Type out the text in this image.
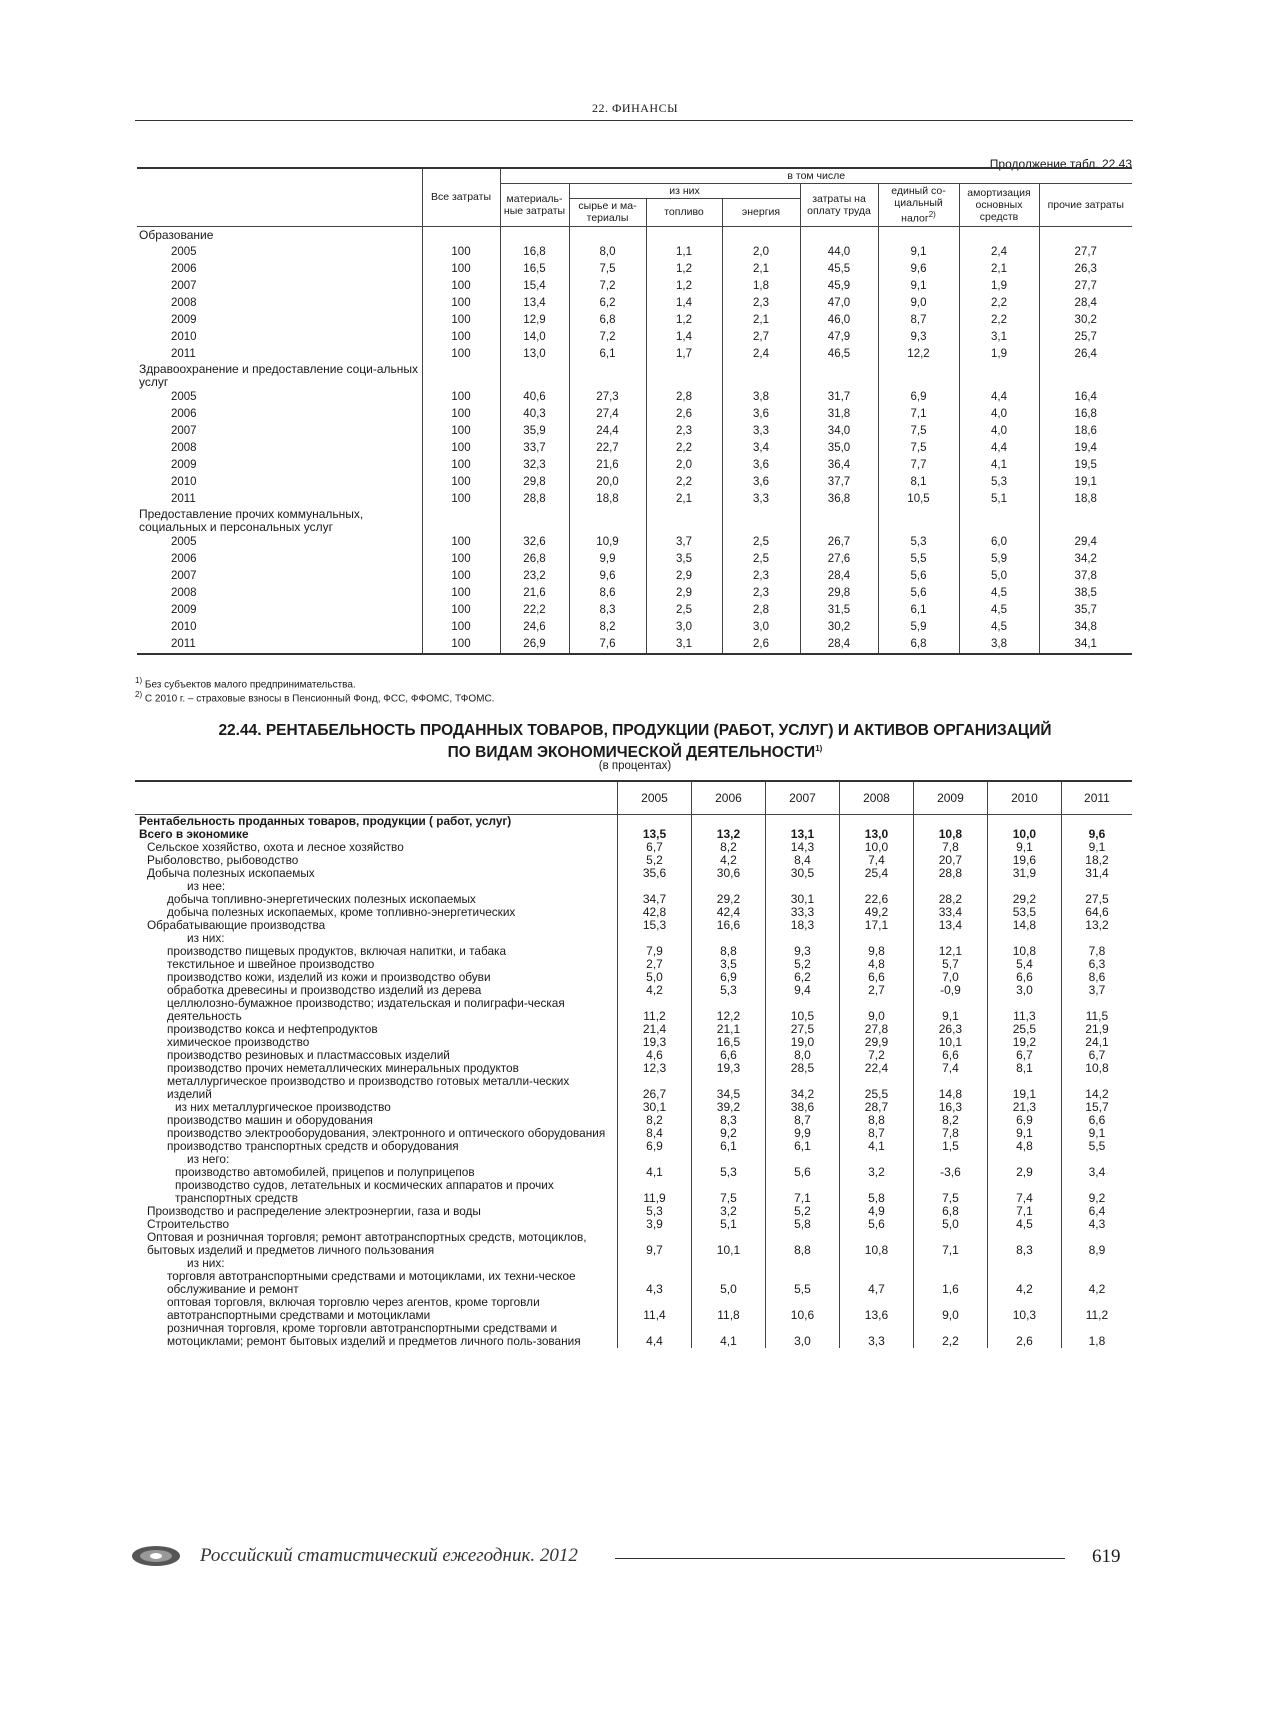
22. ФИНАНСЫ
Продолжение табл. 22.43
	Все затраты	в том числе							
		материаль-ные затраты	из них			затраты на оплату труда	единый со-циальный налог$^{2)}$	амортизация основных средств	прочие затраты
			сырье и ма-териалы	топливо	энергия				
Образование									
2005	100	16,8	8,0	1,1	2,0	44,0	9,1	2,4	27,7
2006	100	16,5	7,5	1,2	2,1	45,5	9,6	2,1	26,3
2007	100	15,4	7,2	1,2	1,8	45,9	9,1	1,9	27,7
2008	100	13,4	6,2	1,4	2,3	47,0	9,0	2,2	28,4
2009	100	12,9	6,8	1,2	2,1	46,0	8,7	2,2	30,2
2010	100	14,0	7,2	1,4	2,7	47,9	9,3	3,1	25,7
2011	100	13,0	6,1	1,7	2,4	46,5	12,2	1,9	26,4
Здравоохранение и предоставление соци-альных услуг									
2005	100	40,6	27,3	2,8	3,8	31,7	6,9	4,4	16,4
2006	100	40,3	27,4	2,6	3,6	31,8	7,1	4,0	16,8
2007	100	35,9	24,4	2,3	3,3	34,0	7,5	4,0	18,6
2008	100	33,7	22,7	2,2	3,4	35,0	7,5	4,4	19,4
2009	100	32,3	21,6	2,0	3,6	36,4	7,7	4,1	19,5
2010	100	29,8	20,0	2,2	3,6	37,7	8,1	5,3	19,1
2011	100	28,8	18,8	2,1	3,3	36,8	10,5	5,1	18,8
Предоставление прочих коммунальных, социальных и персональных услуг									
2005	100	32,6	10,9	3,7	2,5	26,7	5,3	6,0	29,4
2006	100	26,8	9,9	3,5	2,5	27,6	5,5	5,9	34,2
2007	100	23,2	9,6	2,9	2,3	28,4	5,6	5,0	37,8
2008	100	21,6	8,6	2,9	2,3	29,8	5,6	4,5	38,5
2009	100	22,2	8,3	2,5	2,8	31,5	6,1	4,5	35,7
2010	100	24,6	8,2	3,0	3,0	30,2	5,9	4,5	34,8
2011	100	26,9	7,6	3,1	2,6	28,4	6,8	3,8	34,1
$^{1)}$ Без субъектов малого предпринимательства.
$^{2)}$ С 2010 г. – страховые взносы в Пенсионный Фонд, ФСС, ФФОМС, ТФОМС.
22.44. РЕНТАБЕЛЬНОСТЬ ПРОДАННЫХ ТОВАРОВ, ПРОДУКЦИИ (РАБОТ, УСЛУГ) И АКТИВОВ ОРГАНИЗАЦИЙ
ПО ВИДАМ ЭКОНОМИЧЕСКОЙ ДЕЯТЕЛЬНОСТИ$^{1)}$
(в процентах)
	2005	2006	2007	2008	2009	2010	2011
Рентабельность проданных товаров, продукции ( работ, услуг)							
Всего в экономике	13,5	13,2	13,1	13,0	10,8	10,0	9,6
Сельское хозяйство, охота и лесное хозяйство	6,7	8,2	14,3	10,0	7,8	9,1	9,1
Рыболовство, рыбоводство	5,2	4,2	8,4	7,4	20,7	19,6	18,2
Добыча полезных ископаемых	35,6	30,6	30,5	25,4	28,8	31,9	31,4
из нее:							
добыча топливно-энергетических полезных ископаемых	34,7	29,2	30,1	22,6	28,2	29,2	27,5
добыча полезных ископаемых, кроме топливно-энергетических	42,8	42,4	33,3	49,2	33,4	53,5	64,6
Обрабатывающие производства	15,3	16,6	18,3	17,1	13,4	14,8	13,2
из них:							
производство пищевых продуктов, включая напитки, и табака	7,9	8,8	9,3	9,8	12,1	10,8	7,8
текстильное и швейное производство	2,7	3,5	5,2	4,8	5,7	5,4	6,3
производство кожи, изделий из кожи и производство обуви	5,0	6,9	6,2	6,6	7,0	6,6	8,6
обработка древесины и производство изделий из дерева	4,2	5,3	9,4	2,7	-0,9	3,0	3,7
целлюлозно-бумажное производство; издательская и полиграфи-ческая деятельность	11,2	12,2	10,5	9,0	9,1	11,3	11,5
производство кокса и нефтепродуктов	21,4	21,1	27,5	27,8	26,3	25,5	21,9
химическое производство	19,3	16,5	19,0	29,9	10,1	19,2	24,1
производство резиновых и пластмассовых изделий	4,6	6,6	8,0	7,2	6,6	6,7	6,7
производство прочих неметаллических минеральных продуктов	12,3	19,3	28,5	22,4	7,4	8,1	10,8
металлургическое производство и производство готовых металли-ческих изделий	26,7	34,5	34,2	25,5	14,8	19,1	14,2
из них металлургическое производство	30,1	39,2	38,6	28,7	16,3	21,3	15,7
производство машин и оборудования	8,2	8,3	8,7	8,8	8,2	6,9	6,6
производство электрооборудования, электронного и оптического оборудования	8,4	9,2	9,9	8,7	7,8	9,1	9,1
производство транспортных средств и оборудования	6,9	6,1	6,1	4,1	1,5	4,8	5,5
из него:							
производство автомобилей, прицепов и полуприцепов	4,1	5,3	5,6	3,2	-3,6	2,9	3,4
производство судов, летательных и космических аппаратов и прочих транспортных средств	11,9	7,5	7,1	5,8	7,5	7,4	9,2
Производство и распределение электроэнергии, газа и воды	5,3	3,2	5,2	4,9	6,8	7,1	6,4
Строительство	3,9	5,1	5,8	5,6	5,0	4,5	4,3
Оптовая и розничная торговля; ремонт автотранспортных средств, мотоциклов, бытовых изделий и предметов личного пользования	9,7	10,1	8,8	10,8	7,1	8,3	8,9
из них:							
торговля автотранспортными средствами и мотоциклами, их техни-ческое обслуживание и ремонт	4,3	5,0	5,5	4,7	1,6	4,2	4,2
оптовая торговля, включая торговлю через агентов, кроме торговли автотранспортными средствами и мотоциклами	11,4	11,8	10,6	13,6	9,0	10,3	11,2
розничная торговля, кроме торговли автотранспортными средствами и мотоциклами; ремонт бытовых изделий и предметов личного поль-зования	4,4	4,1	3,0	3,3	2,2	2,6	1,8
Российский статистический ежегодник. 2012	619
